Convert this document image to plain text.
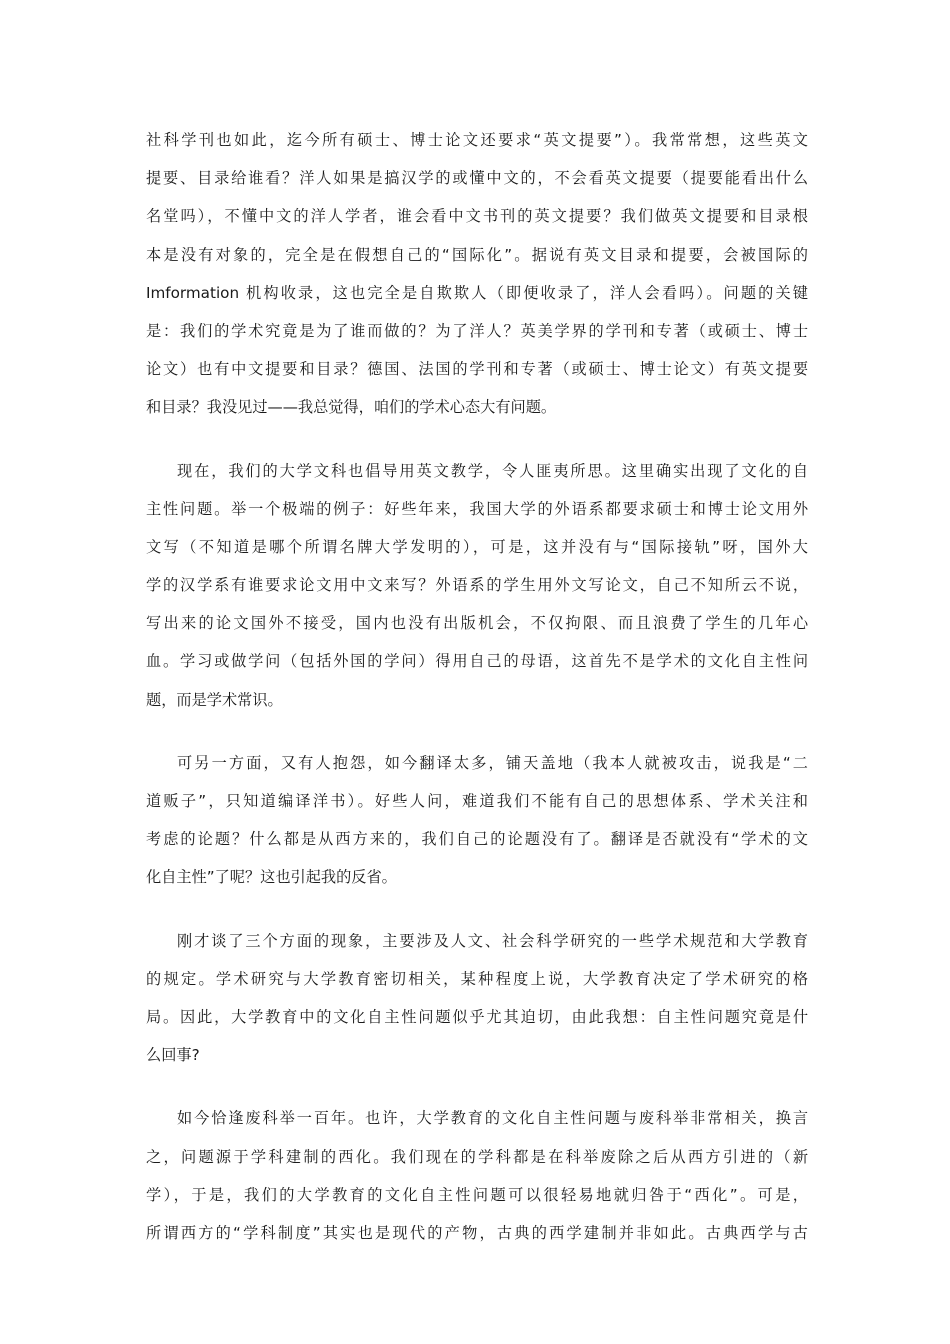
社科学刊也如此，迄今所有硕士、博士论文还要求“英文提要”）。我常常想，这些英文
提要、目录给谁看？洋人如果是搞汉学的或懂中文的，不会看英文提要（提要能看出什么
名堂吗），不懂中文的洋人学者，谁会看中文书刊的英文提要？我们做英文提要和目录根
本是没有对象的，完全是在假想自己的“国际化”。据说有英文目录和提要，会被国际的
Imformation 机构收录，这也完全是自欺欺人（即便收录了，洋人会看吗）。问题的关键
是：我们的学术究竟是为了谁而做的？为了洋人？英美学界的学刊和专著（或硕士、博士
论文）也有中文提要和目录？德国、法国的学刊和专著（或硕士、博士论文）有英文提要
和目录？我没见过——我总觉得，咱们的学术心态大有问题。
现在，我们的大学文科也倡导用英文教学，令人匪夷所思。这里确实出现了文化的自
主性问题。举一个极端的例子：好些年来，我国大学的外语系都要求硕士和博士论文用外
文写（不知道是哪个所谓名牌大学发明的），可是，这并没有与“国际接轨”呀，国外大
学的汉学系有谁要求论文用中文来写？外语系的学生用外文写论文，自己不知所云不说，
写出来的论文国外不接受，国内也没有出版机会，不仅拘限、而且浪费了学生的几年心
血。学习或做学问（包括外国的学问）得用自己的母语，这首先不是学术的文化自主性问
题，而是学术常识。
可另一方面，又有人抱怨，如今翻译太多，铺天盖地（我本人就被攻击，说我是“二
道贩子”，只知道编译洋书）。好些人问，难道我们不能有自己的思想体系、学术关注和
考虑的论题？什么都是从西方来的，我们自己的论题没有了。翻译是否就没有“学术的文
化自主性”了呢？这也引起我的反省。
刚才谈了三个方面的现象，主要涉及人文、社会科学研究的一些学术规范和大学教育
的规定。学术研究与大学教育密切相关，某种程度上说，大学教育决定了学术研究的格
局。因此，大学教育中的文化自主性问题似乎尤其迫切，由此我想：自主性问题究竟是什
么回事?
如今恰逢废科举一百年。也许，大学教育的文化自主性问题与废科举非常相关，换言
之，问题源于学科建制的西化。我们现在的学科都是在科举废除之后从西方引进的（新
学），于是，我们的大学教育的文化自主性问题可以很轻易地就归咎于“西化”。可是，
所谓西方的“学科制度”其实也是现代的产物，古典的西学建制并非如此。古典西学与古
